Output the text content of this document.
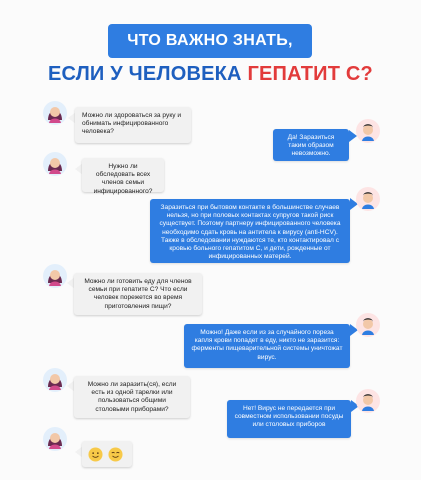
ЧТО ВАЖНО ЗНАТЬ,
ЕСЛИ У ЧЕЛОВЕКА ГЕПАТИТ С?
Можно ли здороваться за руку и обнимать инфицированного человека?
Да! Заразиться таким образом невозможно.
Нужно ли обследовать всех членов семьи инфицированного?
Заразиться при бытовом контакте в большинстве случаев нельзя, но при половых контактах супругов такой риск существует. Поэтому партнеру инфицированного человека необходимо сдать кровь на антитела к вирусу (anti-HCV). Также в обследовании нуждаются те, кто контактировал с кровью больного гепатитом С, и дети, рожденные от инфицированных матерей.
Можно ли готовить еду для членов семьи при гепатите С? Что если человек порежется во время приготовления пищи?
Можно! Даже если из за случайного пореза капля крови попадет в еду, никто не заразится: ферменты пищеварительной системы уничтожат вирус.
Можно ли заразить(ся), если есть из одной тарелки или пользоваться общими столовыми приборами?	Нет! Вирус не передается при совместном использовании посуды или столовых приборов
